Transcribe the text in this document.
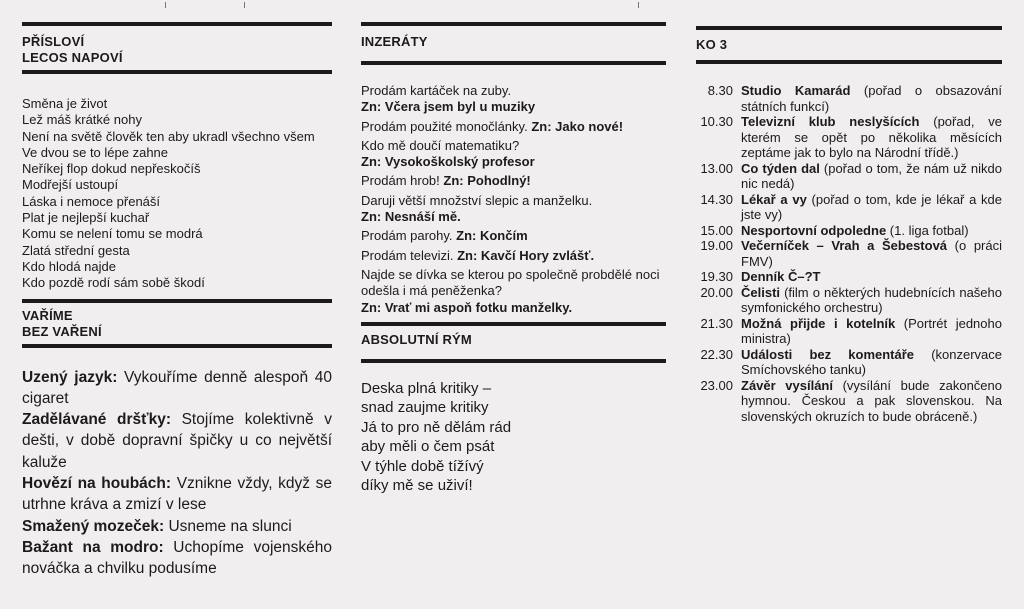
PŘÍSLOVÍ
LECOS NAPOVÍ
Směna je život
Lež máš krátké nohy
Není na světě člověk ten aby ukradl všechno všem
Ve dvou se to lépe zahne
Neříkej flop dokud nepřeskočíš
Modřejší ustoupí
Láska i nemoce přenáší
Plat je nejlepší kuchař
Komu se nelení tomu se modrá
Zlatá střední gesta
Kdo hlodá najde
Kdo pozdě rodí sám sobě škodí
VAŘÍME
BEZ VAŘENÍ

Uzený jazyk: Vykouříme denně alespoň 40 cigaret

Zadělávané dršťky: Stojíme kolektivně v dešti, v době dopravní špičky u co největší kaluže

Hovězí na houbách: Vznikne vždy, když se utrhne kráva a zmizí v lese

Smažený mozeček: Usneme na slunci

Bažant na modro: Uchopíme vojenského nováčka a chvilku podusíme

INZERÁTY
Prodám kartáček na zuby.
Zn: Včera jsem byl u muziky
Prodám použité monočlánky. Zn: Jako nové!
Kdo mě doučí matematiku?
Zn: Vysokoškolský profesor
Prodám hrob! Zn: Pohodlný!
Daruji větší množství slepic a manželku.
Zn: Nesnáší mě.
Prodám parohy. Zn: Končím
Prodám televizi. Zn: Kavčí Hory zvlášť.
Najde se dívka se kterou po společně probdělé noci odešla i má peněženka?
Zn: Vrať mi aspoň fotku manželky.
ABSOLUTNÍ RÝM
Deska plná kritiky –
snad zaujme kritiky
Já to pro ně dělám rád
aby měli o čem psát
V týhle době tížívý
díky mě se uživí!
KO 3
8.30 Studio Kamarád (pořad o obsazování státních funkcí)
10.30 Televizní klub neslyšících (pořad, ve kterém se opět po několika měsících zeptáme jak to bylo na Národní třídě.)
13.00 Co týden dal (pořad o tom, že nám už nikdo nic nedá)
14.30 Lékař a vy (pořad o tom, kde je lékař a kde jste vy)
15.00 Nesportovní odpoledne (1. liga fotbal)
19.00 Večerníček – Vrah a Šebestová (o práci FMV)
19.30 Denník Č–?T
20.00 Čelisti (film o některých hudebnících našeho symfonického orchestru)
21.30 Možná přijde i kotelník (Portrét jednoho ministra)
22.30 Události bez komentáře (konzervace Smíchovského tanku)
23.00 Závěr vysílání (vysílání bude zakončeno hymnou. Českou a pak slovenskou. Na slovenských okruzích to bude obráceně.)
